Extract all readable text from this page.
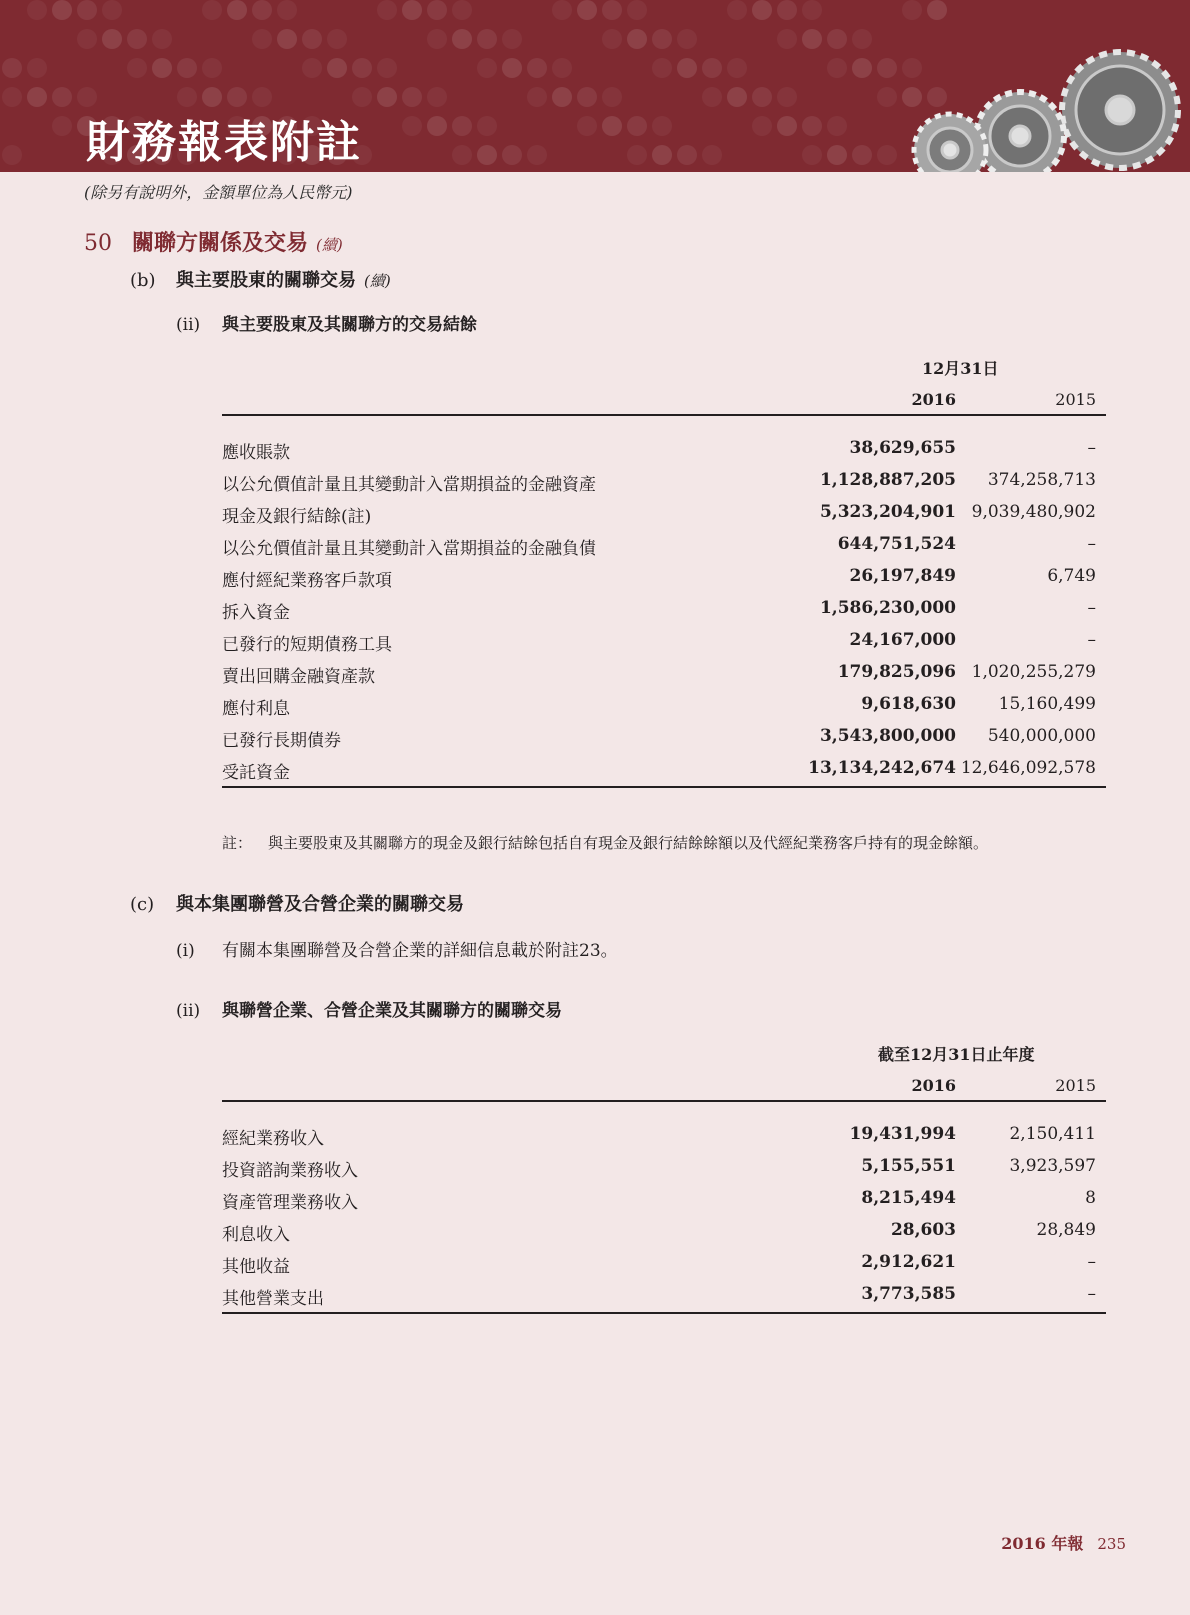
財務報表附註
(除另有說明外，金額單位為人民幣元)
50 關聯方關係及交易 (續)
(b) 與主要股東的關聯交易 (續)
(ii) 與主要股東及其關聯方的交易結餘
12月31日
2016	2015
應收賬款	38,629,655	–
以公允價值計量且其變動計入當期損益的金融資產	1,128,887,205 374,258,713
現金及銀行結餘(註)	5,323,204,901 9,039,480,902
以公允價值計量且其變動計入當期損益的金融負債	644,751,524	–
應付經紀業務客戶款項	26,197,849	6,749
拆入資金	1,586,230,000	–
已發行的短期債務工具	24,167,000	–
賣出回購金融資產款	179,825,096 1,020,255,279
應付利息	9,618,630	15,160,499
已發行長期債券	3,543,800,000 540,000,000
受託資金	13,134,242,674 12,646,092,578
註： 與主要股東及其關聯方的現金及銀行結餘包括自有現金及銀行結餘餘額以及代經紀業務客戶持有的現金餘額。
(c) 與本集團聯營及合營企業的關聯交易
(i) 有關本集團聯營及合營企業的詳細信息載於附註23。
(ii) 與聯營企業、合營企業及其關聯方的關聯交易
截至12月31日止年度
2016	2015
經紀業務收入	19,431,994	2,150,411
投資諮詢業務收入	5,155,551	3,923,597
資產管理業務收入	8,215,494	8
利息收入	28,603	28,849
其他收益	2,912,621	–
其他營業支出	3,773,585	–
2016 年報 235
